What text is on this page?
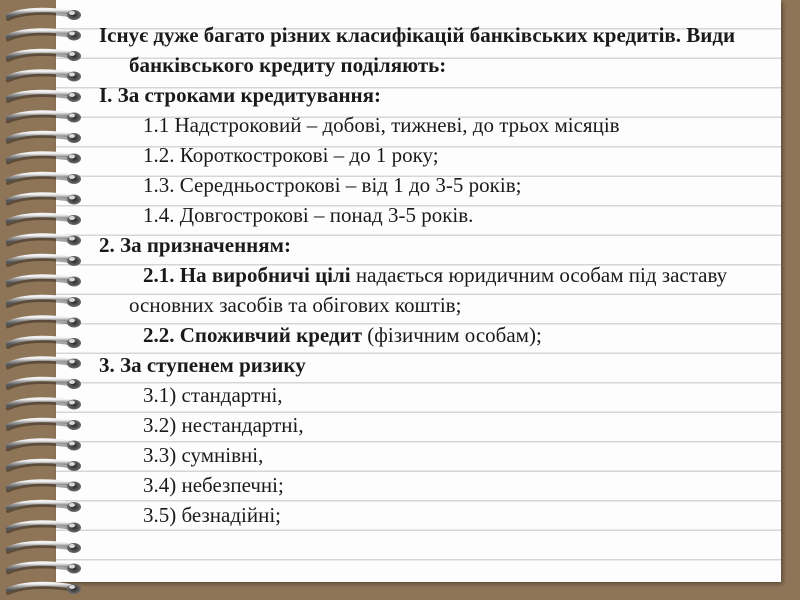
Існує дуже багато різних класифікацій банківських кредитів. Види банківського кредиту поділяють:
І. За строками кредитування:
1.1 Надстроковий – добові, тижневі, до трьох місяців
1.2. Короткострокові – до 1 року;
1.3. Середньострокові – від 1 до 3-5 років;
1.4. Довгострокові – понад 3-5 років.
2. За призначенням:
2.1. На виробничі цілі надається юридичним особам під заставу основних засобів та обігових коштів;
2.2. Споживчий кредит (фізичним особам);
3. За ступенем ризику
3.1) стандартні,
3.2) нестандартні,
3.3) сумнівні,
3.4) небезпечні;
3.5) безнадійні;
